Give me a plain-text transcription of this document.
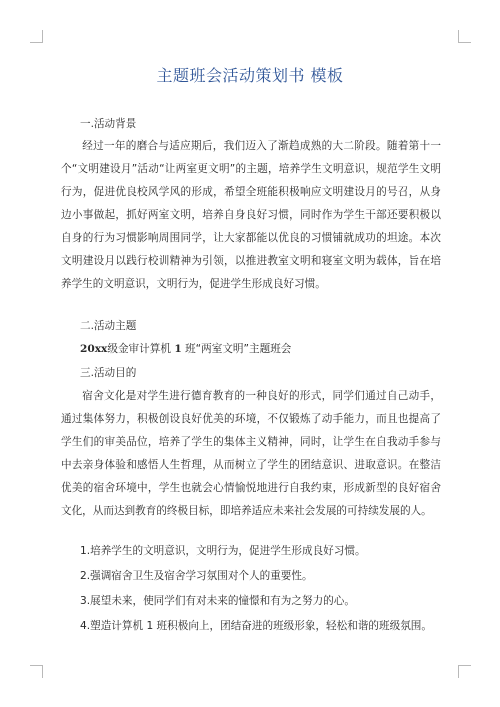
主题班会活动策划书 模板
一.活动背景
经过一年的磨合与适应期后，我们迈入了渐趋成熟的大二阶段。随着第十一个“文明建设月”活动“让两室更文明”的主题，培养学生文明意识，规范学生文明行为，促进优良校风学风的形成，希望全班能积极响应文明建设月的号召，从身边小事做起，抓好两室文明，培养自身良好习惯，同时作为学生干部还要积极以自身的行为习惯影响周围同学，让大家都能以优良的习惯铺就成功的坦途。本次文明建设月以践行校训精神为引领，以推进教室文明和寝室文明为载体，旨在培养学生的文明意识，文明行为，促进学生形成良好习惯。
二.活动主题
20xx级金审计算机 1 班“两室文明”主题班会
三.活动目的
宿舍文化是对学生进行德育教育的一种良好的形式，同学们通过自己动手，通过集体努力，积极创设良好优美的环境，不仅锻炼了动手能力，而且也提高了学生们的审美品位，培养了学生的集体主义精神，同时，让学生在自我动手参与中去亲身体验和感悟人生哲理，从而树立了学生的团结意识、进取意识。在整洁优美的宿舍环境中，学生也就会心情愉悦地进行自我约束，形成新型的良好宿舍文化，从而达到教育的终极目标，即培养适应未来社会发展的可持续发展的人。
1.培养学生的文明意识，文明行为，促进学生形成良好习惯。
2.强调宿舍卫生及宿舍学习氛围对个人的重要性。
3.展望未来，使同学们有对未来的憧憬和有为之努力的心。
4.塑造计算机 1 班积极向上，团结奋进的班级形象，轻松和谐的班级氛围。
